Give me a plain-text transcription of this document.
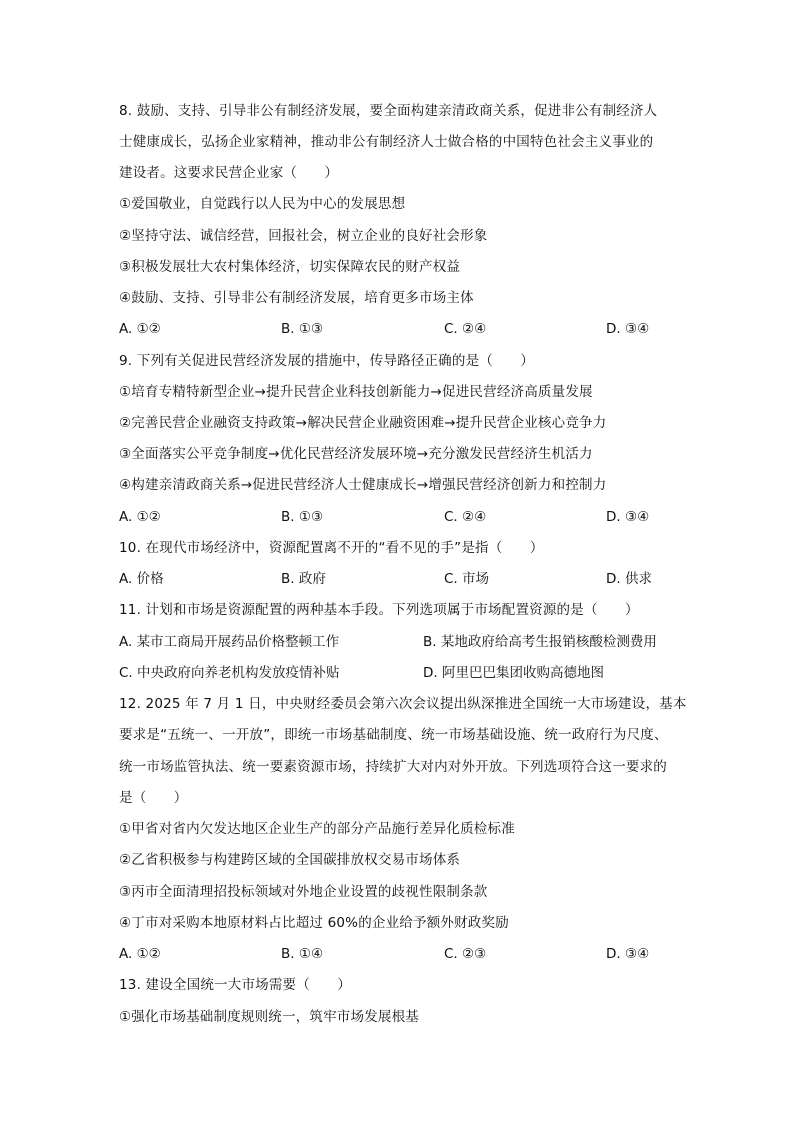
8. 鼓励、支持、引导非公有制经济发展，要全面构建亲清政商关系，促进非公有制经济人
士健康成长，弘扬企业家精神，推动非公有制经济人士做合格的中国特色社会主义事业的
建设者。这要求民营企业家（　　）
①爱国敬业，自觉践行以人民为中心的发展思想
②坚持守法、诚信经营，回报社会，树立企业的良好社会形象
③积极发展壮大农村集体经济，切实保障农民的财产权益
④鼓励、支持、引导非公有制经济发展，培育更多市场主体
A. ①②	B. ①③	C. ②④	D. ③④
9. 下列有关促进民营经济发展的措施中，传导路径正确的是（　　）
①培育专精特新型企业→提升民营企业科技创新能力→促进民营经济高质量发展
②完善民营企业融资支持政策→解决民营企业融资困难→提升民营企业核心竞争力
③全面落实公平竞争制度→优化民营经济发展环境→充分激发民营经济生机活力
④构建亲清政商关系→促进民营经济人士健康成长→增强民营经济创新力和控制力
A. ①②	B. ①③	C. ②④	D. ③④
10. 在现代市场经济中，资源配置离不开的“看不见的手”是指（　　）
A. 价格	B. 政府	C. 市场	D. 供求
11. 计划和市场是资源配置的两种基本手段。下列选项属于市场配置资源的是（　　）
A. 某市工商局开展药品价格整顿工作	B. 某地政府给高考生报销核酸检测费用
C. 中央政府向养老机构发放疫情补贴	D. 阿里巴巴集团收购高德地图
12. 2025 年 7 月 1 日，中央财经委员会第六次会议提出纵深推进全国统一大市场建设，基本
要求是“五统一、一开放”，即统一市场基础制度、统一市场基础设施、统一政府行为尺度、
统一市场监管执法、统一要素资源市场，持续扩大对内对外开放。下列选项符合这一要求的
是（　　）
①甲省对省内欠发达地区企业生产的部分产品施行差异化质检标准
②乙省积极参与构建跨区域的全国碳排放权交易市场体系
③丙市全面清理招投标领域对外地企业设置的歧视性限制条款
④丁市对采购本地原材料占比超过 60%的企业给予额外财政奖励
A. ①②	B. ①④	C. ②③	D. ③④
13. 建设全国统一大市场需要（　　）
①强化市场基础制度规则统一，筑牢市场发展根基
